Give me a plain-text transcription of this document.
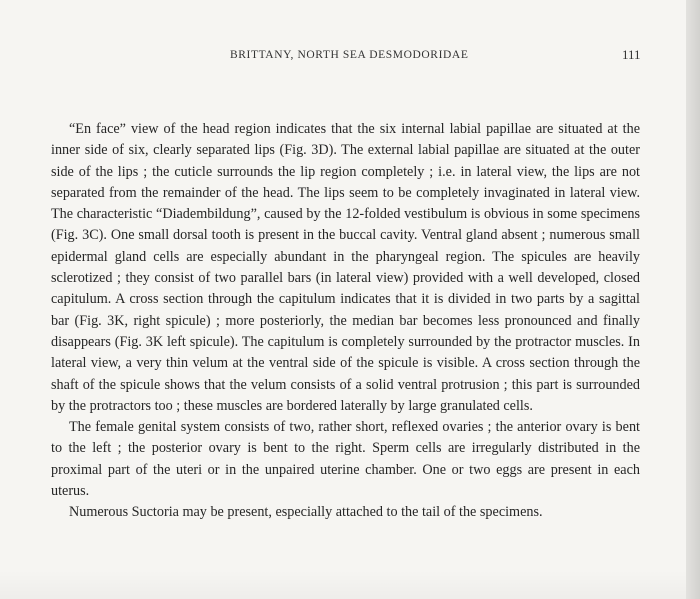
BRITTANY, NORTH SEA DESMODORIDAE	111

“En face” view of the head region indicates that the six internal labial papillae are situated at the inner side of six, clearly separated lips (Fig. 3D). The external labial papillae are situated at the outer side of the lips ; the cuticle surrounds the lip region completely ; i.e. in lateral view, the lips are not separated from the remainder of the head. The lips seem to be completely invaginated in lateral view. The characteristic “Diadembildung”, caused by the 12-folded vestibulum is obvious in some specimens (Fig. 3C). One small dorsal tooth is present in the buccal cavity. Ventral gland absent ; numerous small epidermal gland cells are especially abundant in the pharyngeal region. The spicules are heavily sclerotized ; they consist of two parallel bars (in lateral view) provided with a well developed, closed capitulum. A cross section through the capitulum indicates that it is divided in two parts by a sagittal bar (Fig. 3K, right spicule) ; more posteriorly, the median bar becomes less pronounced and finally disappears (Fig. 3K left spicule). The capitulum is completely surrounded by the protractor muscles. In lateral view, a very thin velum at the ventral side of the spicule is visible. A cross section through the shaft of the spicule shows that the velum consists of a solid ventral protrusion ; this part is surrounded by the protractors too ; these muscles are bordered laterally by large granulated cells.

The female genital system consists of two, rather short, reflexed ovaries ; the anterior ovary is bent to the left ; the posterior ovary is bent to the right. Sperm cells are irregularly distributed in the proximal part of the uteri or in the unpaired uterine chamber. One or two eggs are present in each uterus.

Numerous Suctoria may be present, especially attached to the tail of the specimens.
